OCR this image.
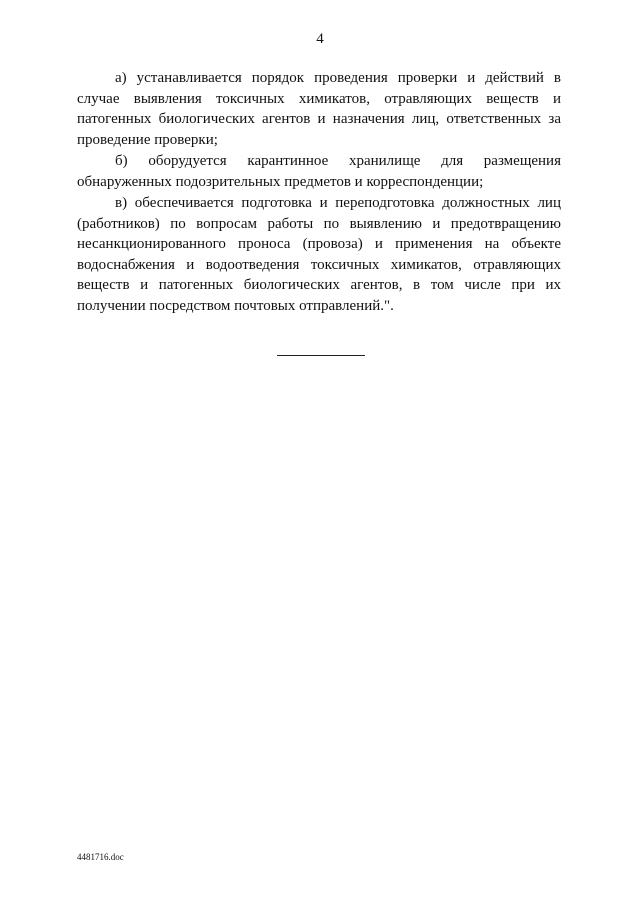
4

а) устанавливается порядок проведения проверки и действий в случае выявления токсичных химикатов, отравляющих веществ и патогенных биологических агентов и назначения лиц, ответственных за проведение проверки;

б) оборудуется карантинное хранилище для размещения обнаруженных подозрительных предметов и корреспонденции;

в) обеспечивается подготовка и переподготовка должностных лиц (работников) по вопросам работы по выявлению и предотвращению несанкционированного проноса (провоза) и применения на объекте водоснабжения и водоотведения токсичных химикатов, отравляющих веществ и патогенных биологических агентов, в том числе при их получении посредством почтовых отправлений.".

4481716.doc
